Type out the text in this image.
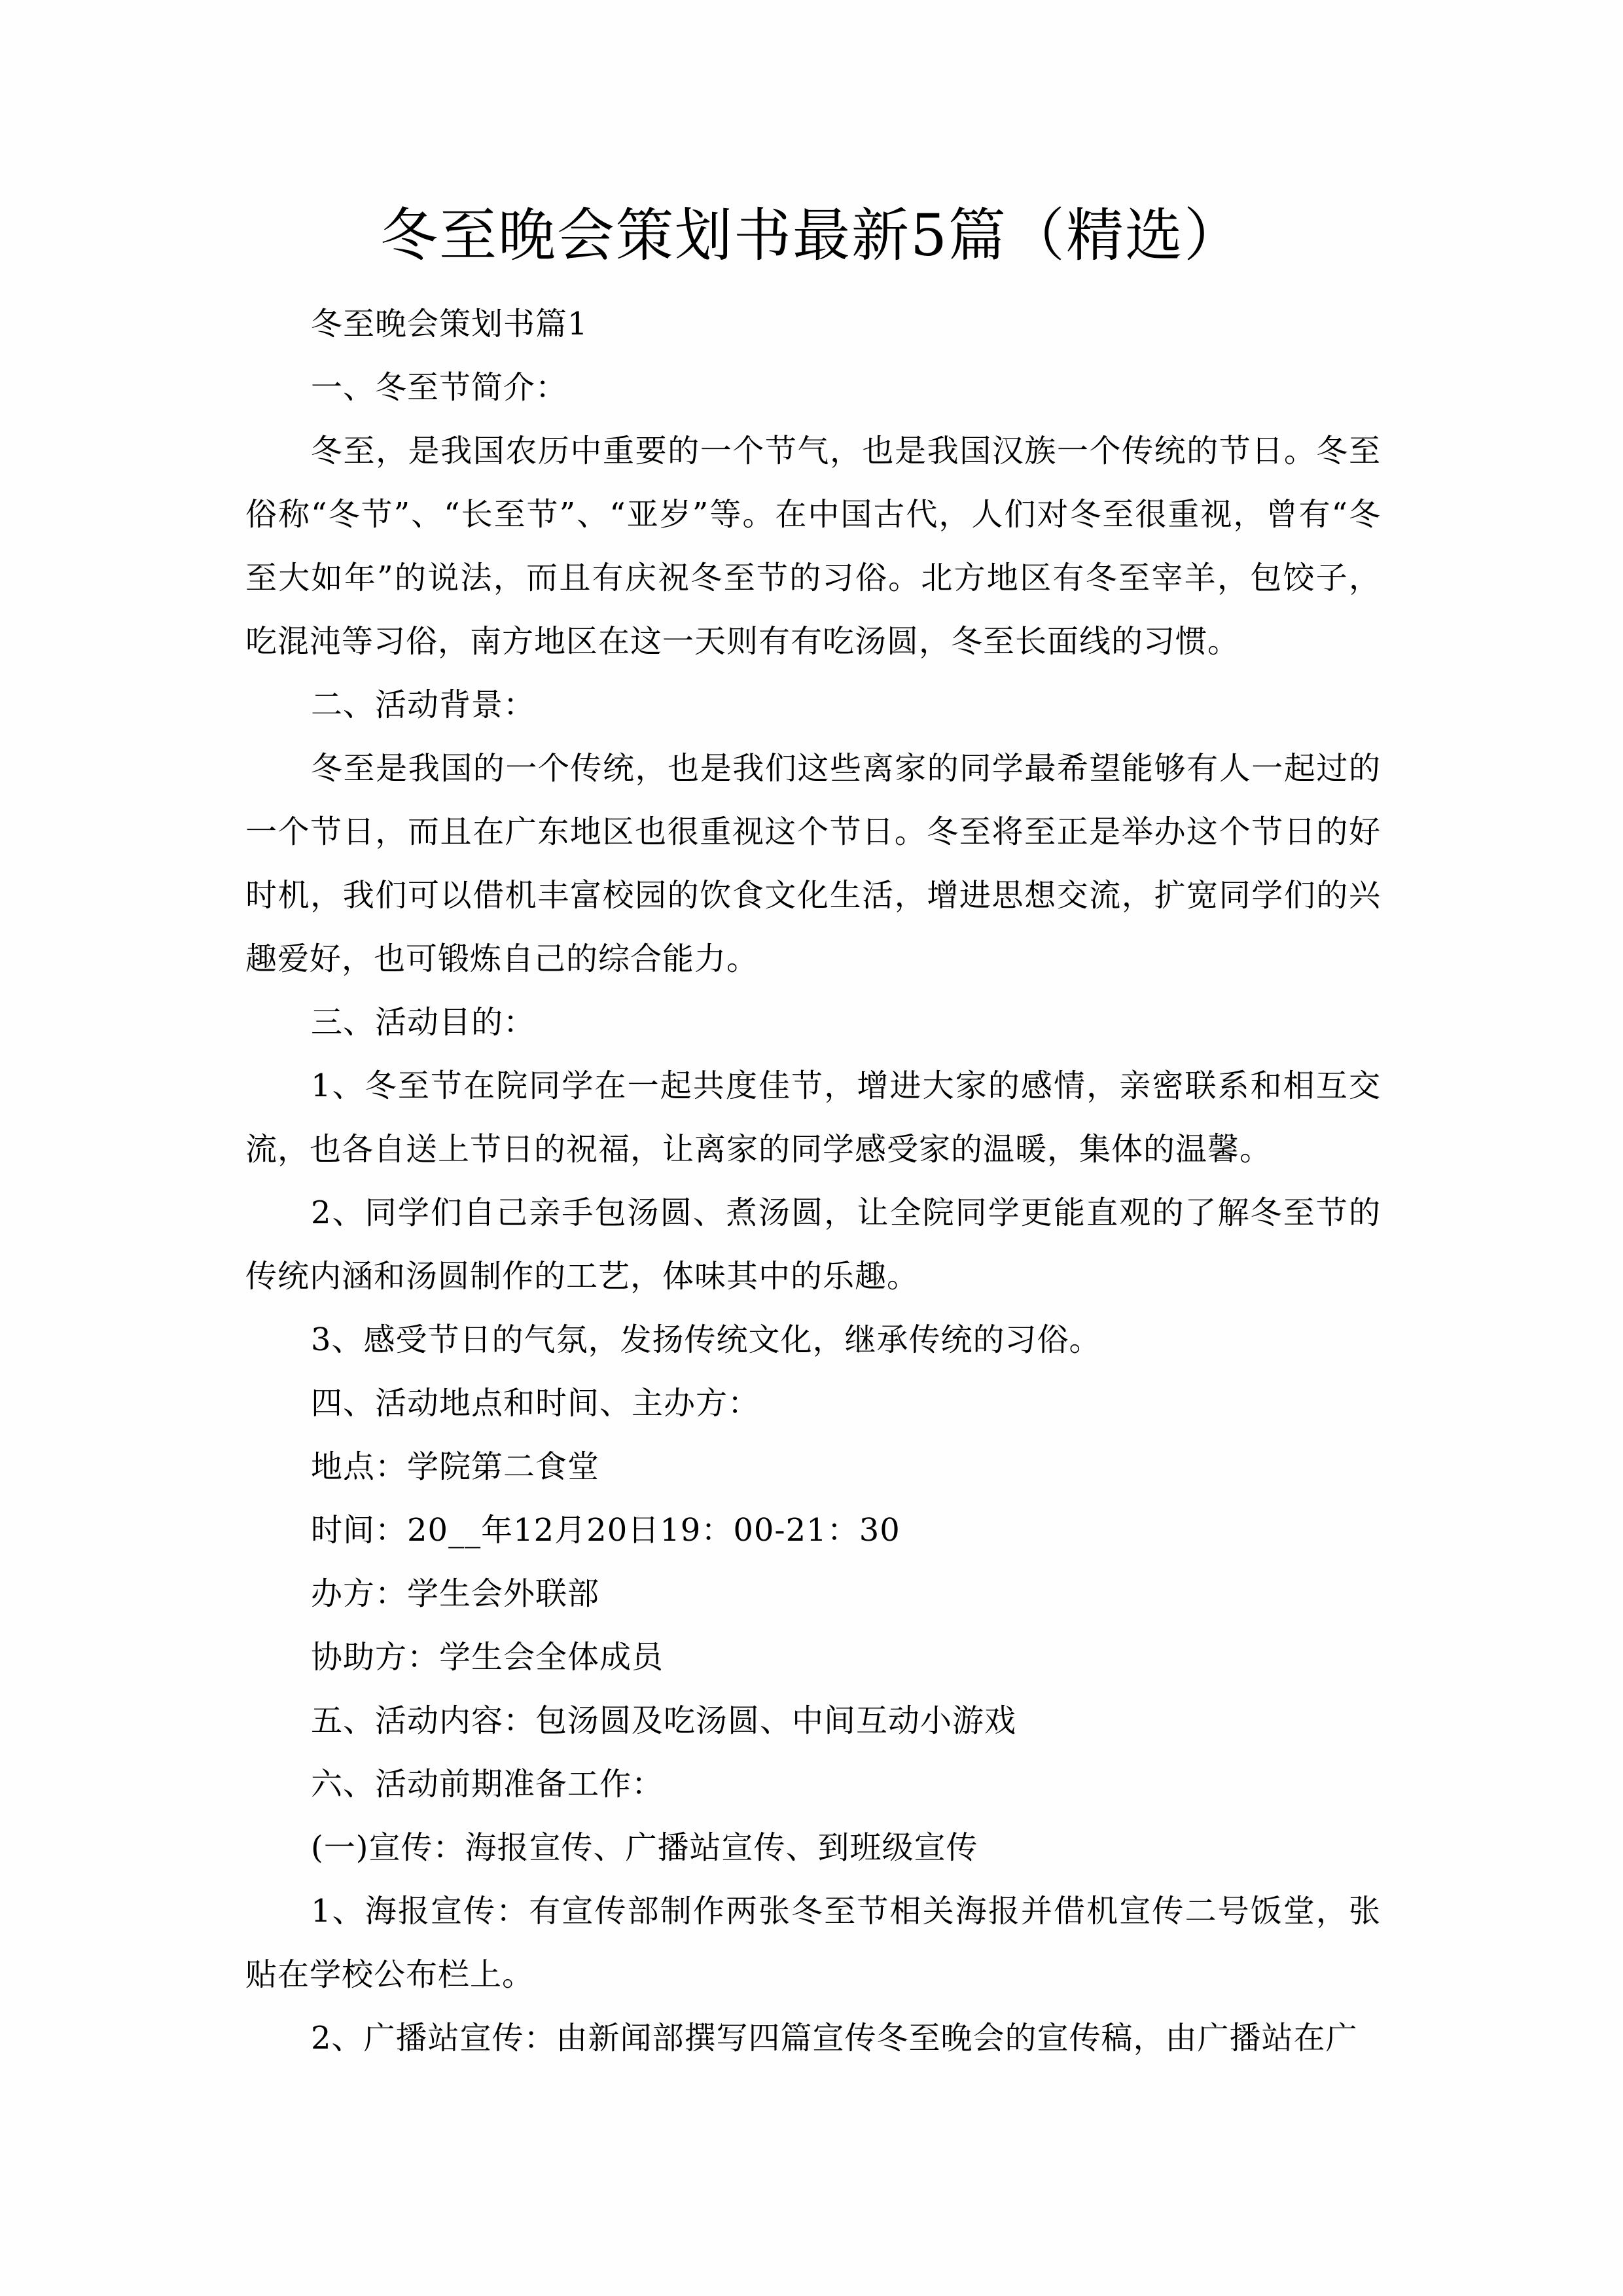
冬至晚会策划书最新5篇（精选）

冬至晚会策划书篇1

一、冬至节简介：

冬至，是我国农历中重要的一个节气，也是我国汉族一个传统的节日。冬至俗称“冬节”、“长至节”、“亚岁”等。在中国古代，人们对冬至很重视，曾有“冬至大如年”的说法，而且有庆祝冬至节的习俗。北方地区有冬至宰羊，包饺子，吃混沌等习俗，南方地区在这一天则有有吃汤圆，冬至长面线的习惯。

二、活动背景：

冬至是我国的一个传统，也是我们这些离家的同学最希望能够有人一起过的一个节日，而且在广东地区也很重视这个节日。冬至将至正是举办这个节日的好时机，我们可以借机丰富校园的饮食文化生活，增进思想交流，扩宽同学们的兴趣爱好，也可锻炼自己的综合能力。

三、活动目的：

1、冬至节在院同学在一起共度佳节，增进大家的感情，亲密联系和相互交流，也各自送上节日的祝福，让离家的同学感受家的温暖，集体的温馨。

2、同学们自己亲手包汤圆、煮汤圆，让全院同学更能直观的了解冬至节的传统内涵和汤圆制作的工艺，体味其中的乐趣。

3、感受节日的气氛，发扬传统文化，继承传统的习俗。

四、活动地点和时间、主办方：

地点：学院第二食堂

时间：20__年12月20日19：00-21：30

办方：学生会外联部

协助方：学生会全体成员

五、活动内容：包汤圆及吃汤圆、中间互动小游戏

六、活动前期准备工作：

(一)宣传：海报宣传、广播站宣传、到班级宣传

1、海报宣传：有宣传部制作两张冬至节相关海报并借机宣传二号饭堂，张贴在学校公布栏上。

2、广播站宣传：由新闻部撰写四篇宣传冬至晚会的宣传稿，由广播站在广
